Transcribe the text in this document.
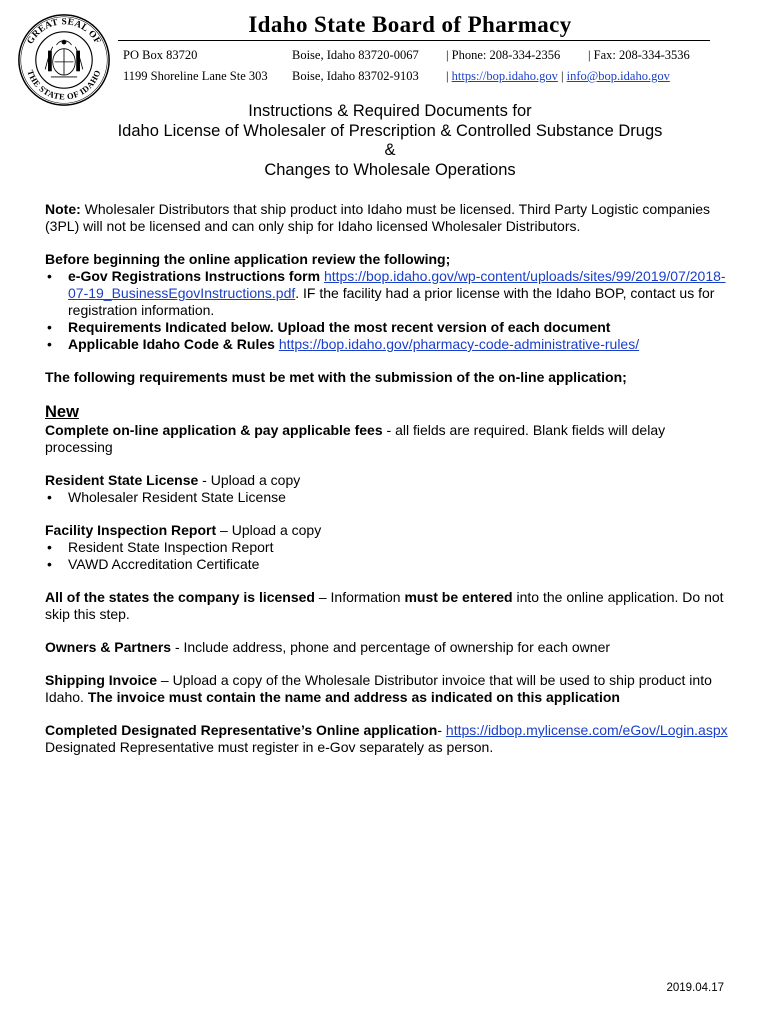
GREAT SEAL OF
THE STATE OF IDAHO
Idaho State Board of Pharmacy
PO Box 83720	Boise, Idaho 83720-0067 | Phone: 208-334-2356 | Fax: 208-334-3536
1199 Shoreline Lane Ste 303 Boise, Idaho 83702-9103 | https://bop.idaho.gov | info@bop.idaho.gov
Instructions & Required Documents for
Idaho License of Wholesaler of Prescription & Controlled Substance Drugs
&
Changes to Wholesale Operations

Note: Wholesaler Distributors that ship product into Idaho must be licensed. Third Party Logistic companies (3PL) will not be licensed and can only ship for Idaho licensed Wholesaler Distributors.

Before beginning the online application review the following;
• e-Gov Registrations Instructions form https://bop.idaho.gov/wp-content/uploads/sites/99/2019/07/2018-07-19_BusinessEgovInstructions.pdf. IF the facility had a prior license with the Idaho BOP, contact us for registration information.
• Requirements Indicated below. Upload the most recent version of each document
• Applicable Idaho Code & Rules https://bop.idaho.gov/pharmacy-code-administrative-rules/

The following requirements must be met with the submission of the on-line application;

New

Complete on-line application & pay applicable fees - all fields are required. Blank fields will delay processing

Resident State License - Upload a copy
• Wholesaler Resident State License
Facility Inspection Report – Upload a copy
• Resident State Inspection Report
• VAWD Accreditation Certificate

All of the states the company is licensed – Information must be entered into the online application. Do not skip this step.

Owners & Partners - Include address, phone and percentage of ownership for each owner

Shipping Invoice – Upload a copy of the Wholesale Distributor invoice that will be used to ship product into Idaho. The invoice must contain the name and address as indicated on this application

Completed Designated Representative’s Online application- https://idbop.mylicense.com/eGov/Login.aspx
Designated Representative must register in e-Gov separately as person.
2019.04.17
